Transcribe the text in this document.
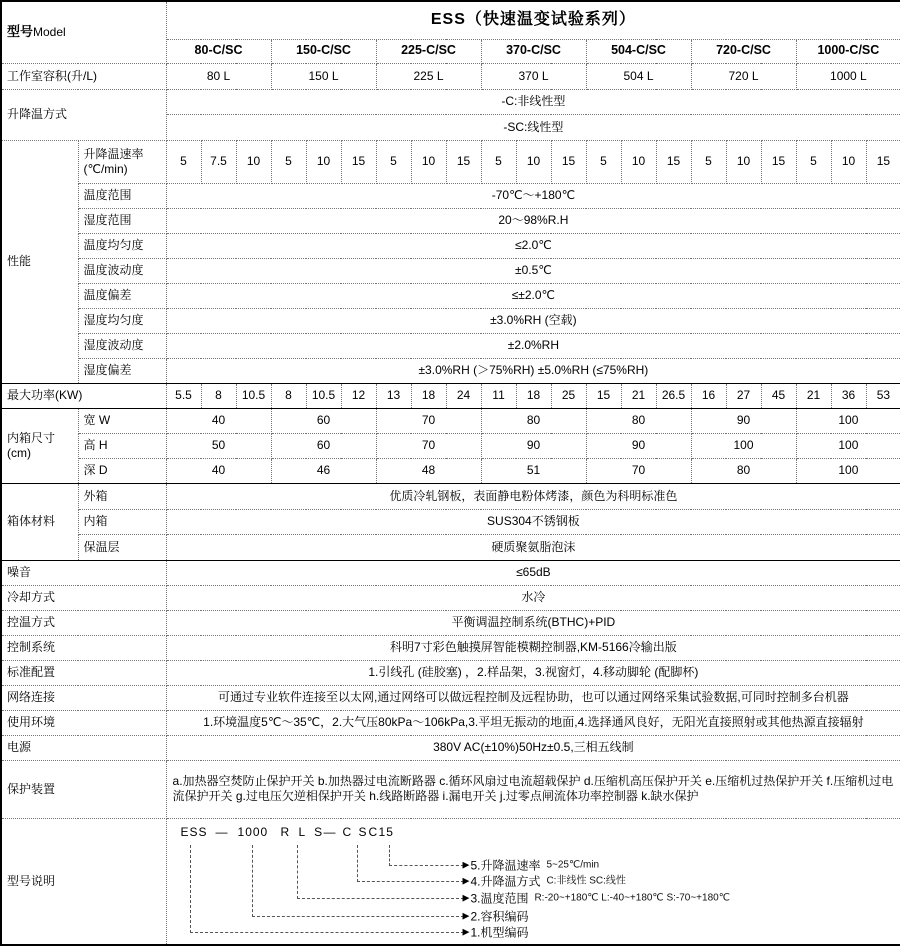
型号Model		ESS（快速温变试验系列）																				
		80-C/SC			150-C/SC			225-C/SC			370-C/SC			504-C/SC			720-C/SC			1000-C/SC		
工作室容积(升/L)		80 L			150 L			225 L			370 L			504 L			720 L			1000 L		
升降温方式		-C:非线性型																				
		-SC:线性型																				
性能	升降温速率
(℃/min)	5	7.5	10	5	10	15	5	10	15	5	10	15	5	10	15	5	10	15	5	10	15
	温度范围	-70℃～+180℃																				
	湿度范围	20～98%R.H																				
	温度均匀度	≤2.0℃																				
	温度波动度	±0.5℃																				
	温度偏差	≤±2.0℃																				
	湿度均匀度	±3.0%RH (空载)																				
	湿度波动度	±2.0%RH																				
	湿度偏差	±3.0%RH (＞75%RH) ±5.0%RH (≤75%RH)																				
最大功率(KW)		5.5	8	10.5	8	10.5	12	13	18	24	11	18	25	15	21	26.5	16	27	45	21	36	53
内箱尺寸
(cm)	宽 W	40			60			70			80			80			90			100		
	高 H	50			60			70			90			90			100			100		
	深 D	40			46			48			51			70			80			100		
箱体材料	外箱	优质冷轧钢板，表面静电粉体烤漆，颜色为科明标准色																				
	内箱	SUS304不锈钢板																				
	保温层	硬质聚氨脂泡沫																				
噪音		≤65dB																				
冷却方式		水冷																				
控温方式		平衡调温控制系统(BTHC)+PID																				
控制系统		科明7寸彩色触摸屏智能模糊控制器,KM-5166冷输出版																				
标准配置		1.引线孔 (硅胶塞) ，2.样品架，3.视窗灯，4.移动脚轮 (配脚杯)																				
网络连接		可通过专业软件连接至以太网,通过网络可以做远程控制及远程协助，也可以通过网络采集试验数据,可同时控制多台机器																				
使用环境		1.环境温度5℃～35℃，2.大气压80kPa～106kPa,3.平坦无振动的地面,4.选择通风良好，无阳光直接照射或其他热源直接辐射																				
电源		380V AC(±10%)50Hz±0.5,三相五线制																				
保护装置		a.加热器空焚防止保护开关 b.加热器过电流断路器 c.循环风扇过电流超载保护 d.压缩机高压保护开关 e.压缩机过热保护开关 f.压缩机过电流保护开关 g.过电压欠逆相保护开关 h.线路断路器 i.漏电开关 j.过零点闸流体功率控制器 k.缺水保护																				
型号说明	
ESS — 1000 R L S
— C SC 15
▶ 5.升降温速率 5~25℃/min
▶ 4.升降温方式 C:非线性 SC:线性
▶ 3.温度范围 R:-20~+180℃ L:-40~+180℃ S:-70~+180℃
▶ 2.容积编码
▶ 1.机型编码
